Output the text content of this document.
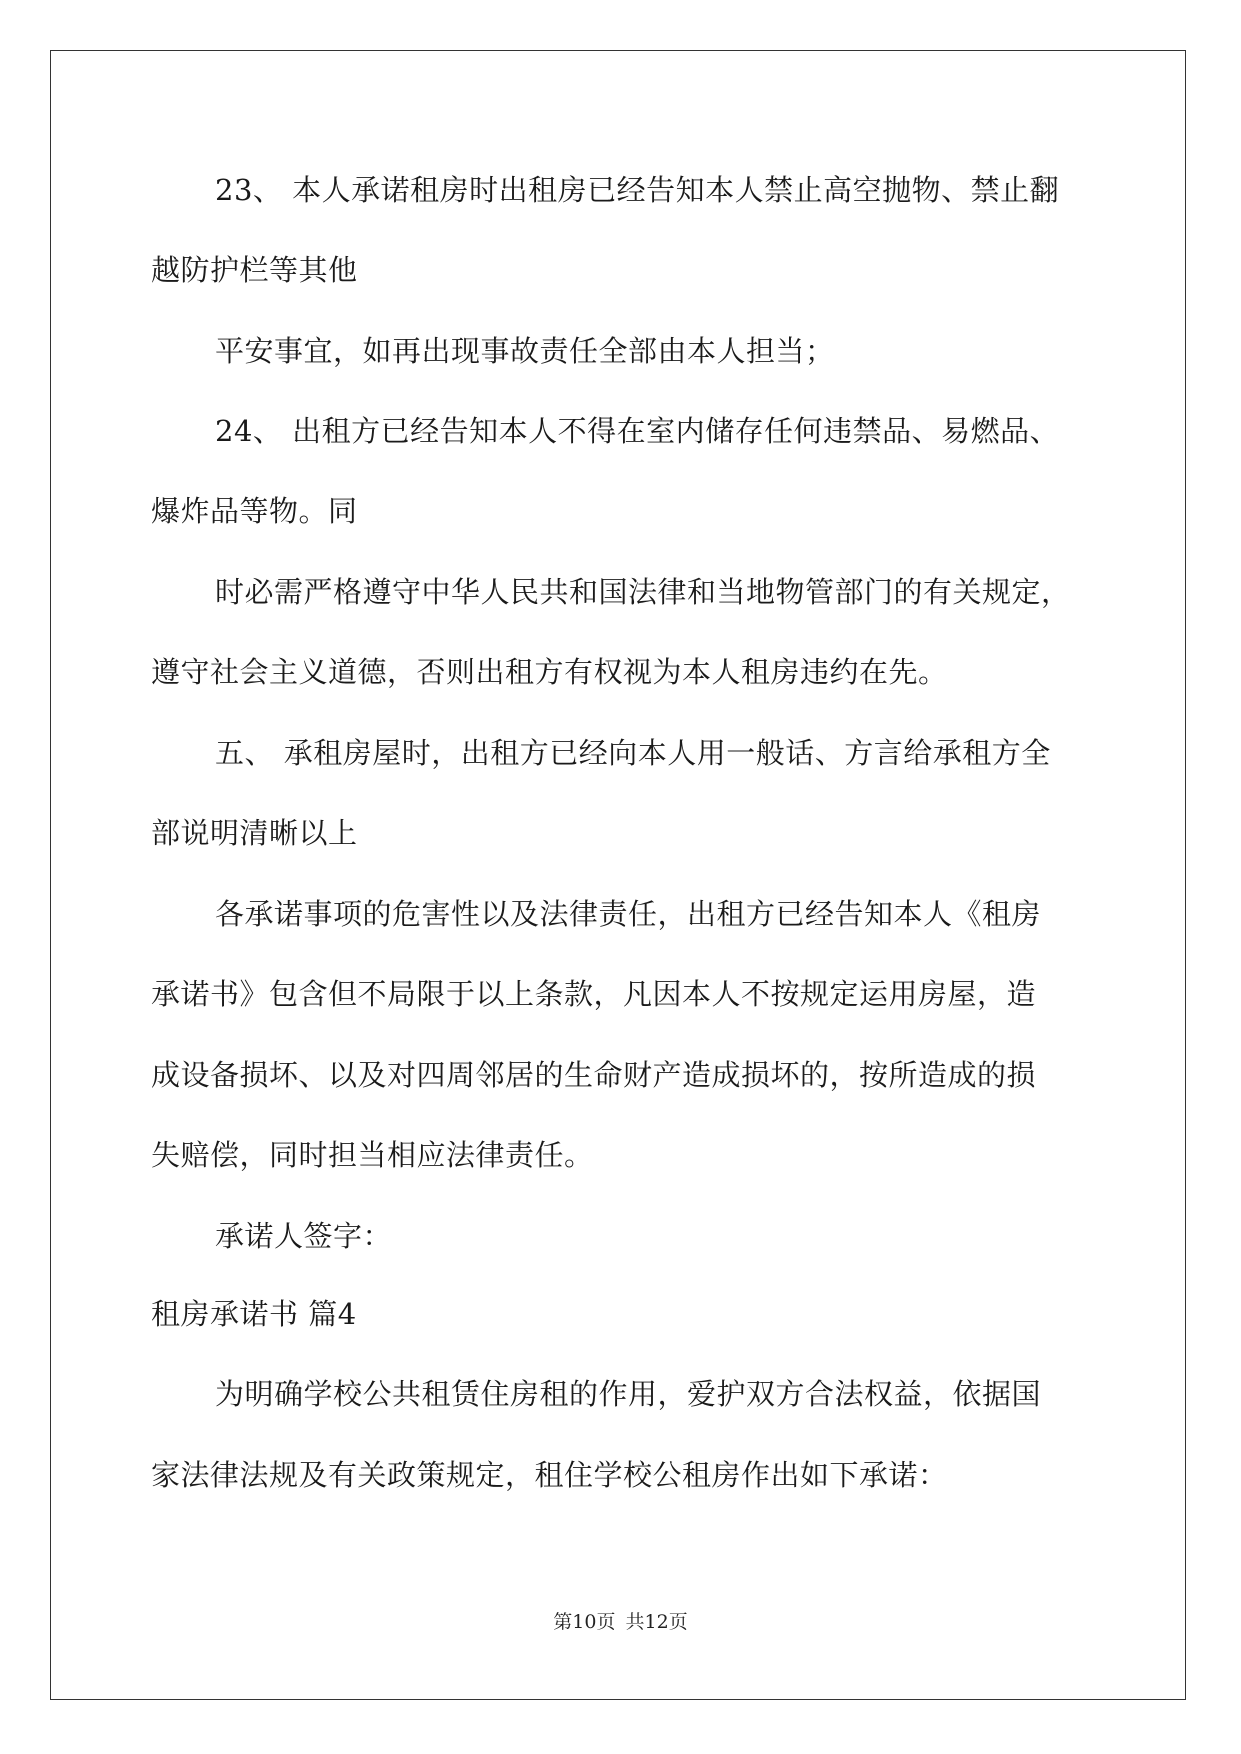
23、 本人承诺租房时出租房已经告知本人禁止高空抛物、禁止翻
越防护栏等其他
平安事宜，如再出现事故责任全部由本人担当；
24、 出租方已经告知本人不得在室内储存任何违禁品、易燃品、
爆炸品等物。同
时必需严格遵守中华人民共和国法律和当地物管部门的有关规定，
遵守社会主义道德，否则出租方有权视为本人租房违约在先。
五、 承租房屋时，出租方已经向本人用一般话、方言给承租方全
部说明清晰以上
各承诺事项的危害性以及法律责任，出租方已经告知本人《租房
承诺书》包含但不局限于以上条款，凡因本人不按规定运用房屋，造
成设备损坏、以及对四周邻居的生命财产造成损坏的，按所造成的损
失赔偿，同时担当相应法律责任。
承诺人签字：
租房承诺书 篇4
为明确学校公共租赁住房租的作用，爱护双方合法权益，依据国
家法律法规及有关政策规定，租住学校公租房作出如下承诺：
第10页 共12页
